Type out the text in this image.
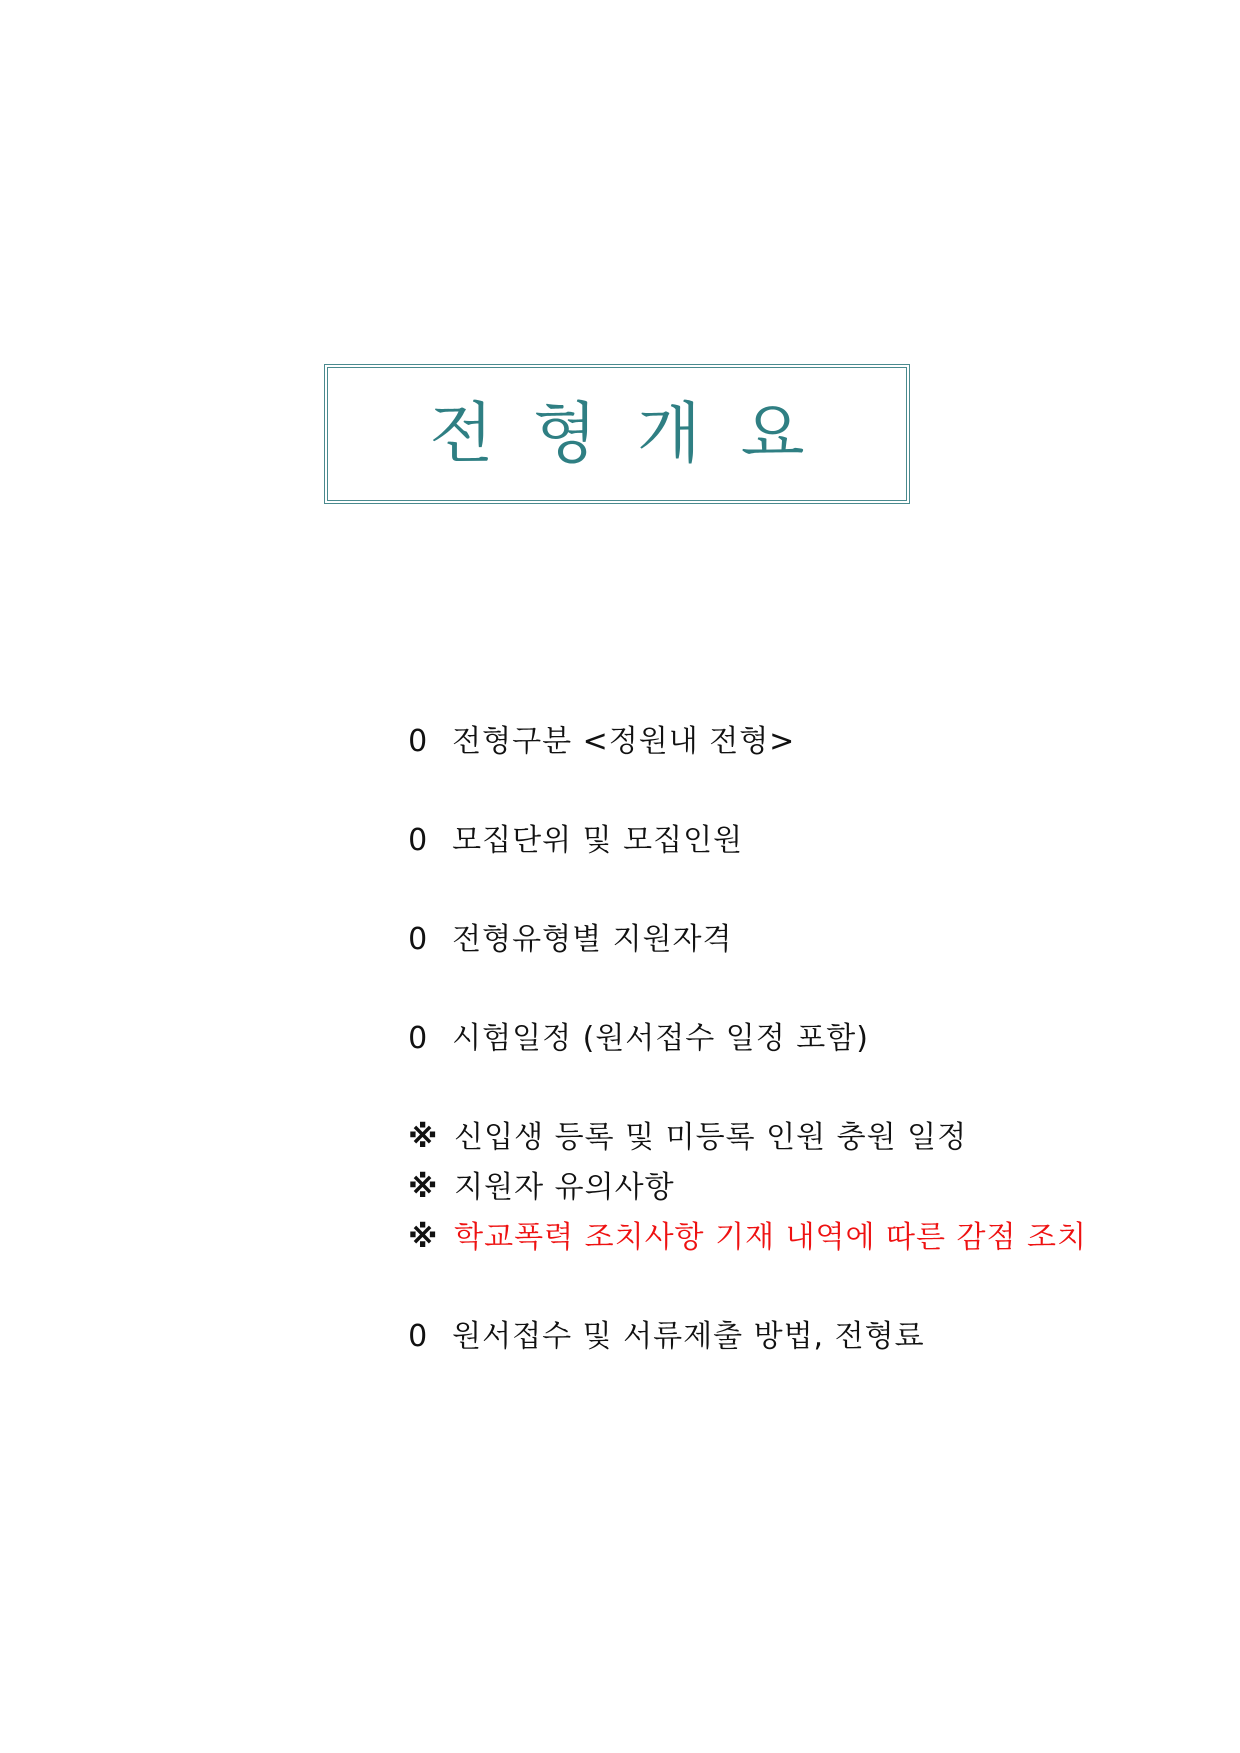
전형개요

0 전형구분 <정원내 전형>

0 모집단위 및 모집인원

0 전형유형별 지원자격

0 시험일정 (원서접수 일정 포함)

※ 신입생 등록 및 미등록 인원 충원 일정

※ 지원자 유의사항

※ 학교폭력 조치사항 기재 내역에 따른 감점 조치

0 원서접수 및 서류제출 방법, 전형료
